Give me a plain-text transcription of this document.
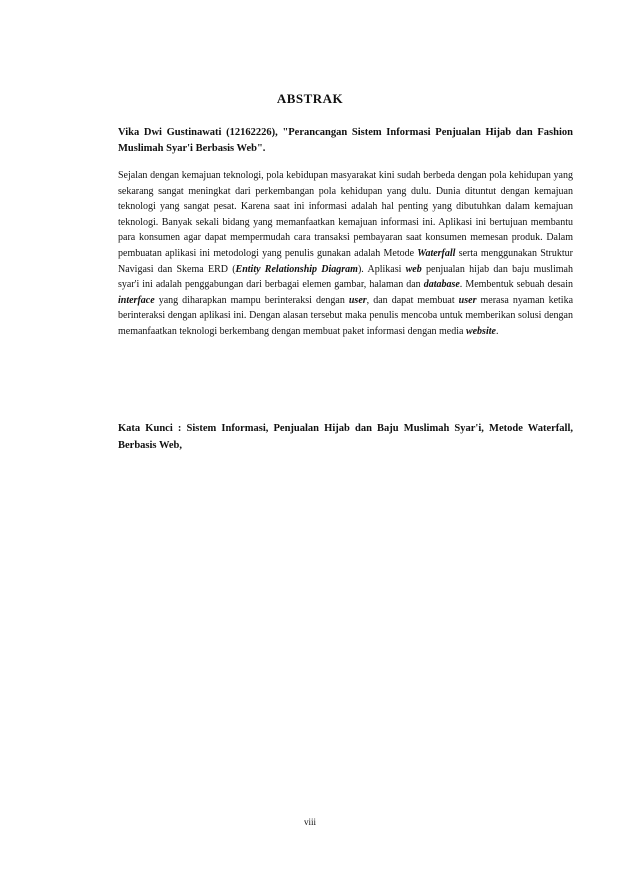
ABSTRAK
Vika Dwi Gustinawati (12162226), "Perancangan Sistem Informasi Penjualan Hijab dan Fashion Muslimah Syar'i Berbasis Web".

Sejalan dengan kemajuan teknologi, pola kebidupan masyarakat kini sudah berbeda dengan pola kehidupan yang sekarang sangat meningkat dari perkembangan pola kehidupan yang dulu. Dunia dituntut dengan kemajuan teknologi yang sangat pesat. Karena saat ini informasi adalah hal penting yang dibutuhkan dalam kemajuan teknologi. Banyak sekali bidang yang memanfaatkan kemajuan informasi ini. Aplikasi ini bertujuan membantu para konsumen agar dapat mempermudah cara transaksi pembayaran saat konsumen memesan produk. Dalam pembuatan aplikasi ini metodologi yang penulis gunakan adalah Metode Waterfall serta menggunakan Struktur Navigasi dan Skema ERD (Entity Relationship Diagram). Aplikasi web penjualan hijab dan baju muslimah syar'i ini adalah penggabungan dari berbagai elemen gambar, halaman dan database. Membentuk sebuah desain interface yang diharapkan mampu berinteraksi dengan user, dan dapat membuat user merasa nyaman ketika berinteraksi dengan aplikasi ini. Dengan alasan tersebut maka penulis mencoba untuk memberikan solusi dengan memanfaatkan teknologi berkembang dengan membuat paket informasi dengan media website.

Kata Kunci : Sistem Informasi, Penjualan Hijab dan Baju Muslimah Syar'i, Metode Waterfall, Berbasis Web,
viii
